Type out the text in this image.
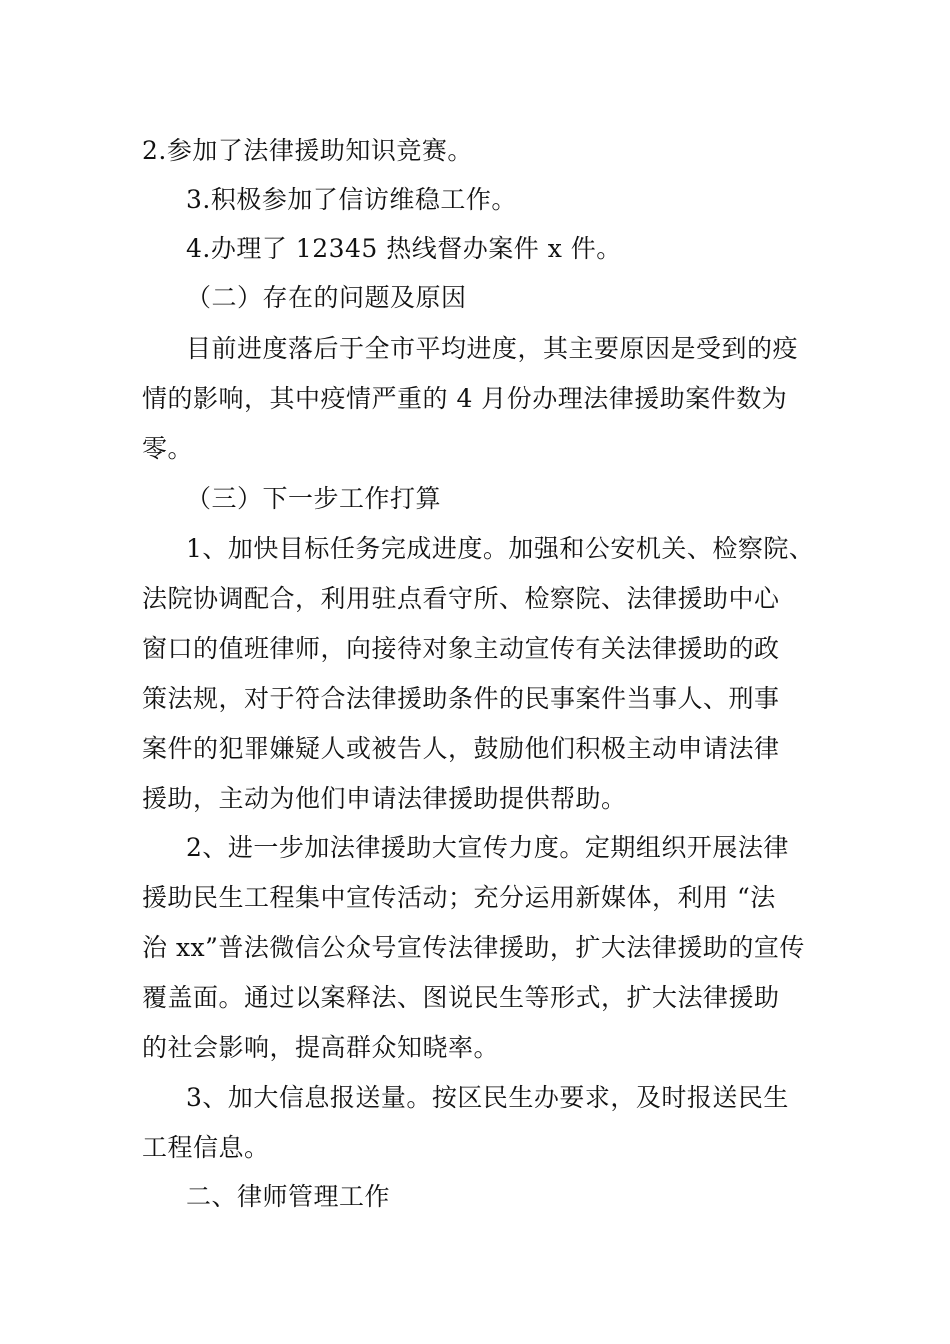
2.参加了法律援助知识竞赛。

3.积极参加了信访维稳工作。

4.办理了 12345 热线督办案件 x 件。

（二）存在的问题及原因

目前进度落后于全市平均进度，其主要原因是受到的疫
情的影响，其中疫情严重的 4 月份办理法律援助案件数为
零。

（三）下一步工作打算

1、加快目标任务完成进度。加强和公安机关、检察院、
法院协调配合，利用驻点看守所、检察院、法律援助中心
窗口的值班律师，向接待对象主动宣传有关法律援助的政
策法规，对于符合法律援助条件的民事案件当事人、刑事
案件的犯罪嫌疑人或被告人，鼓励他们积极主动申请法律
援助，主动为他们申请法律援助提供帮助。
2、进一步加法律援助大宣传力度。定期组织开展法律
援助民生工程集中宣传活动；充分运用新媒体，利用 “法
治 xx”普法微信公众号宣传法律援助，扩大法律援助的宣传
覆盖面。通过以案释法、图说民生等形式，扩大法律援助
的社会影响，提高群众知晓率。
3、加大信息报送量。按区民生办要求，及时报送民生
工程信息。

二、律师管理工作
